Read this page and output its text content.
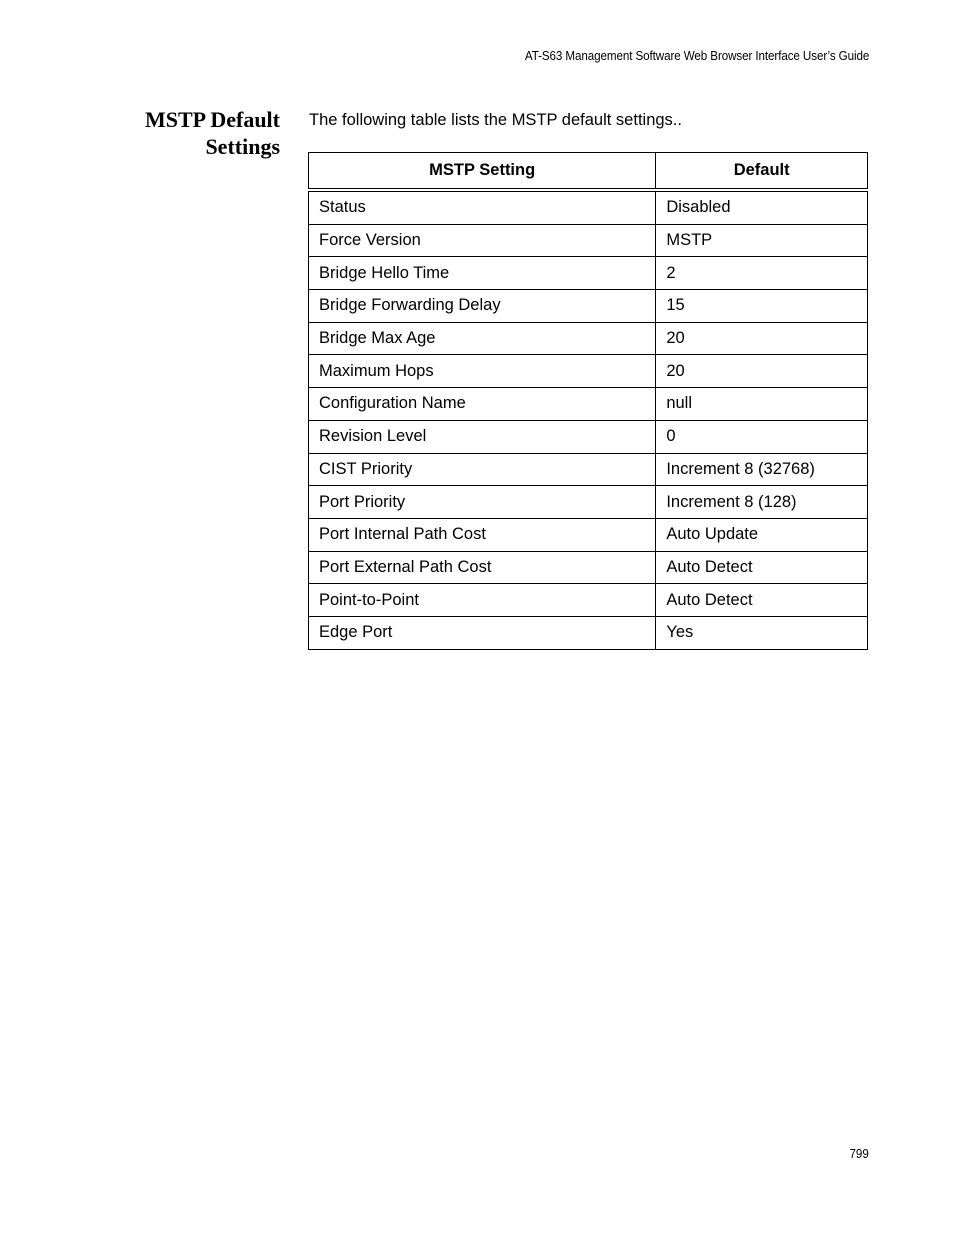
AT-S63 Management Software Web Browser Interface User’s Guide
MSTP Default
Settings

The following table lists the MSTP default settings..

MSTP Setting	Default
Status	Disabled
Force Version	MSTP
Bridge Hello Time	2
Bridge Forwarding Delay	15
Bridge Max Age	20
Maximum Hops	20
Configuration Name	null
Revision Level	0
CIST Priority	Increment 8 (32768)
Port Priority	Increment 8 (128)
Port Internal Path Cost	Auto Update
Port External Path Cost	Auto Detect
Point-to-Point	Auto Detect
Edge Port	Yes
799
